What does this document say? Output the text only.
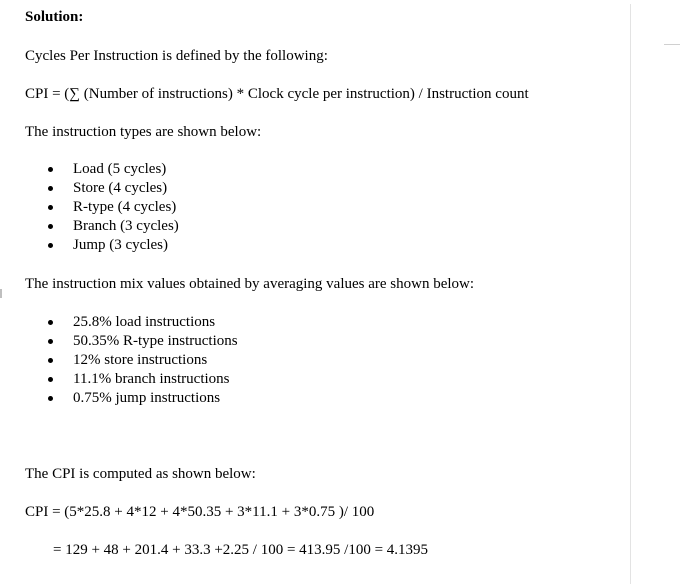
Solution:
Cycles Per Instruction is defined by the following:
CPI = (∑ (Number of instructions) * Clock cycle per instruction) / Instruction count
The instruction types are shown below:
Load (5 cycles)
Store (4 cycles)
R-type (4 cycles)
Branch (3 cycles)
Jump (3 cycles)
The instruction mix values obtained by averaging values are shown below:
25.8% load instructions
50.35% R-type instructions
12% store instructions
11.1% branch instructions
0.75% jump instructions
The CPI is computed as shown below:
CPI = (5*25.8 + 4*12 + 4*50.35 + 3*11.1 + 3*0.75 )/ 100
= 129 + 48 + 201.4 + 33.3 +2.25 / 100 = 413.95 /100 = 4.1395
